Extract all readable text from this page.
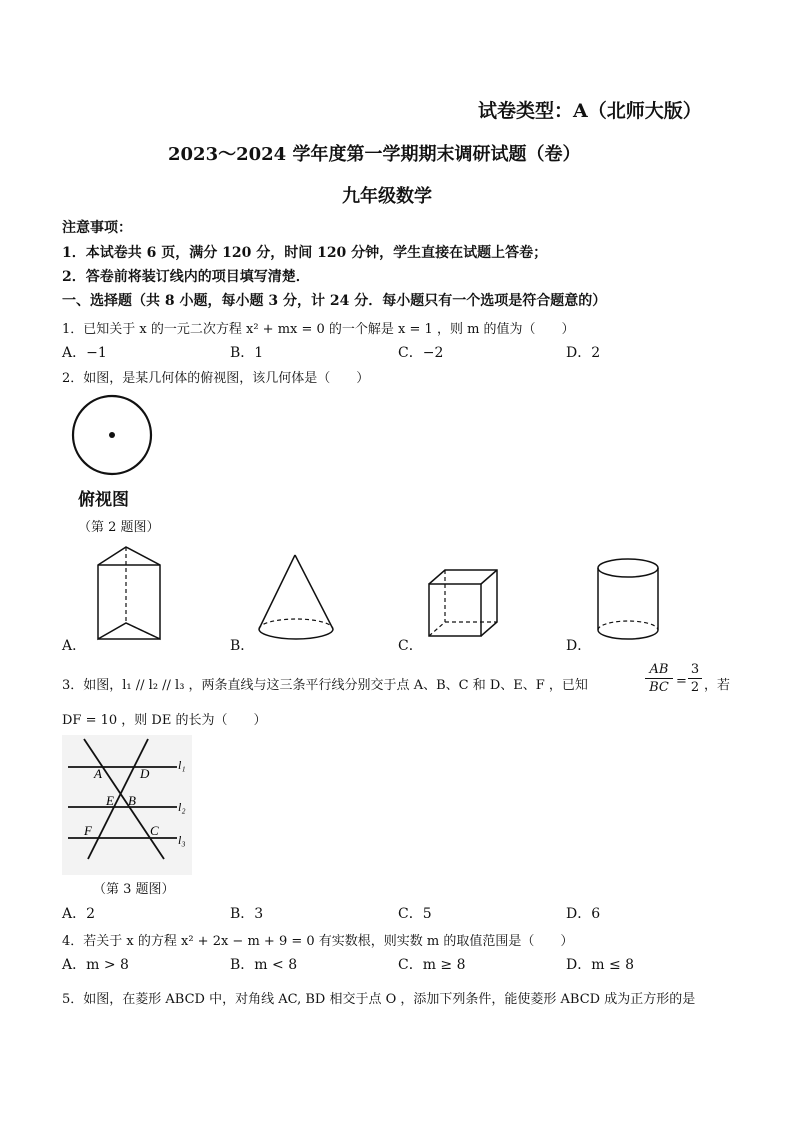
试卷类型：A（北师大版）
2023～2024 学年度第一学期期末调研试题（卷）
九年级数学
注意事项：
1．本试卷共 6 页，满分 120 分，时间 120 分钟，学生直接在试题上答卷；
2．答卷前将装订线内的项目填写清楚．
一、选择题（共 8 小题，每小题 3 分，计 24 分．每小题只有一个选项是符合题意的）
1．已知关于 x 的一元二次方程 x² + mx = 0 的一个解是 x = 1 ，则 m 的值为（　　）
A．−1	B．1	C．−2	D．2
2．如图，是某几何体的俯视图，该几何体是（　　）
俯视图
（第 2 题图）
A．	B．	C．	D．
3．如图，l₁ // l₂ // l₃ ，两条直线与这三条平行线分别交于点 A、B、C 和 D、E、F ，已知
AB
BC =
3
2 ，若
DF = 10 ，则 DE 的长为（　　）
A	D
E B
F	C
l₁
l₂
l₃
（第 3 题图）
A．2	B．3	C．5	D．6
4．若关于 x 的方程 x² + 2x − m + 9 = 0 有实数根，则实数 m 的取值范围是（　　）
A．m > 8	B．m < 8	C．m ≥ 8	D．m ≤ 8
5．如图，在菱形 ABCD 中，对角线 AC, BD 相交于点 O ，添加下列条件，能使菱形 ABCD 成为正方形的是
